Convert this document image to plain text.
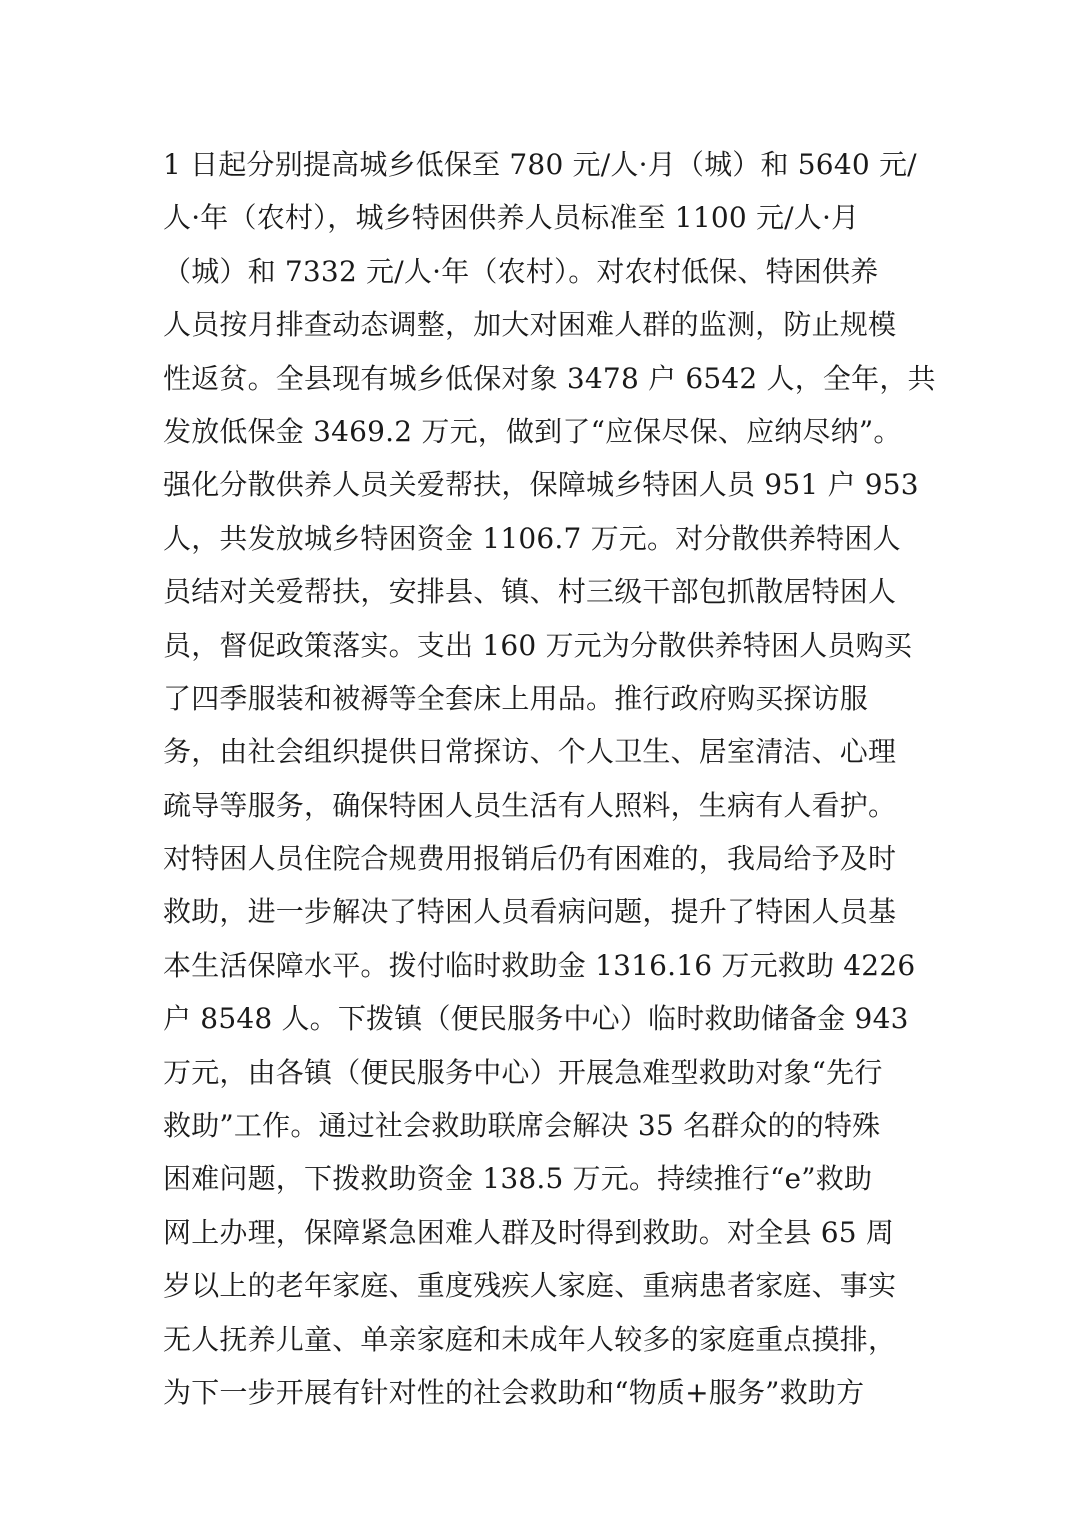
1 日起分别提高城乡低保至 780 元/人·月（城）和 5640 元/
人·年（农村），城乡特困供养人员标准至 1100 元/人·月
（城）和 7332 元/人·年（农村）。对农村低保、特困供养
人员按月排查动态调整，加大对困难人群的监测，防止规模
性返贫。全县现有城乡低保对象 3478 户 6542 人，全年，共
发放低保金 3469.2 万元，做到了“应保尽保、应纳尽纳”。
强化分散供养人员关爱帮扶，保障城乡特困人员 951 户 953
人，共发放城乡特困资金 1106.7 万元。对分散供养特困人
员结对关爱帮扶，安排县、镇、村三级干部包抓散居特困人
员，督促政策落实。支出 160 万元为分散供养特困人员购买
了四季服装和被褥等全套床上用品。推行政府购买探访服
务，由社会组织提供日常探访、个人卫生、居室清洁、心理
疏导等服务，确保特困人员生活有人照料，生病有人看护。
对特困人员住院合规费用报销后仍有困难的，我局给予及时
救助，进一步解决了特困人员看病问题，提升了特困人员基
本生活保障水平。拨付临时救助金 1316.16 万元救助 4226
户 8548 人。下拨镇（便民服务中心）临时救助储备金 943
万元，由各镇（便民服务中心）开展急难型救助对象“先行
救助”工作。通过社会救助联席会解决 35 名群众的的特殊
困难问题，下拨救助资金 138.5 万元。持续推行“e”救助
网上办理，保障紧急困难人群及时得到救助。对全县 65 周
岁以上的老年家庭、重度残疾人家庭、重病患者家庭、事实
无人抚养儿童、单亲家庭和未成年人较多的家庭重点摸排，
为下一步开展有针对性的社会救助和“物质+服务”救助方
